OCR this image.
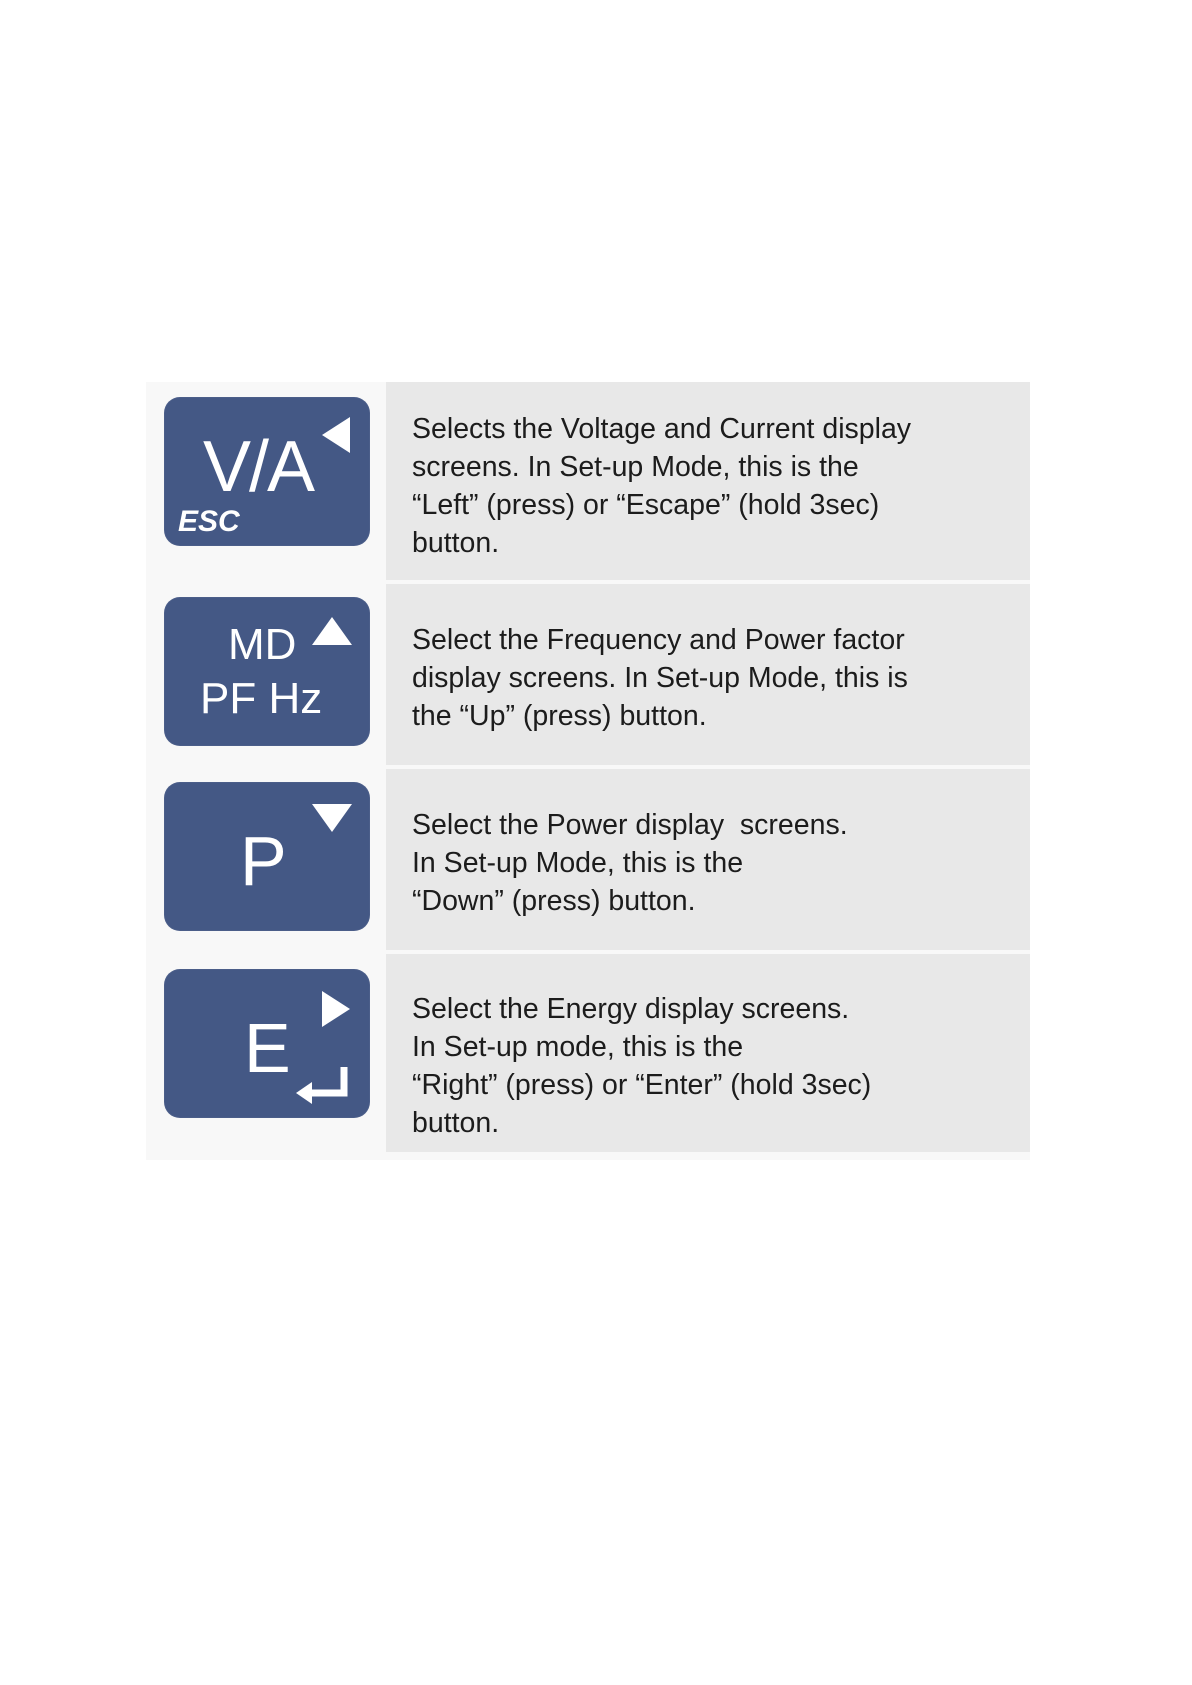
V/A
ESC
Selects the Voltage and Current display
screens. In Set-up Mode, this is the
“Left” (press) or “Escape” (hold 3sec)
button.
MD
PF Hz
Select the Frequency and Power factor
display screens. In Set-up Mode, this is
the “Up” (press) button.
P	Select the Power display  screens.
In Set-up Mode, this is the
“Down” (press) button.
E	Select the Energy display screens.
In Set-up mode, this is the
“Right” (press) or “Enter” (hold 3sec)
button.
